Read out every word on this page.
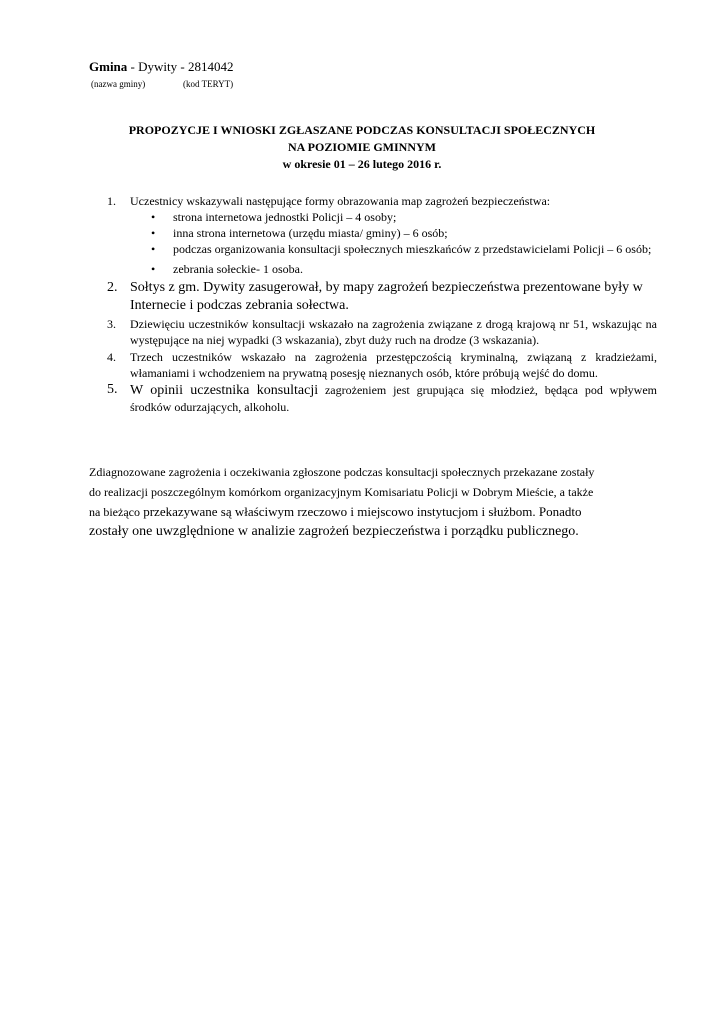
Gmina - Dywity - 2814042
(nazwa gminy)	(kod TERYT)
PROPOZYCJE I WNIOSKI ZGŁASZANE PODCZAS KONSULTACJI SPOŁECZNYCH
NA POZIOMIE GMINNYM
w okresie 01 – 26 lutego 2016 r.
1. Uczestnicy wskazywali następujące formy obrazowania map zagrożeń bezpieczeństwa:
• strona internetowa jednostki Policji – 4 osoby;
• inna strona internetowa (urzędu miasta/ gminy) – 6 osób;
• podczas organizowania konsultacji społecznych mieszkańców z przedstawicielami Policji – 6 osób;
• zebrania sołeckie- 1 osoba.
2. Sołtys z gm. Dywity zasugerował, by mapy zagrożeń bezpieczeństwa prezentowane były w Internecie i podczas zebrania sołectwa.
3. Dziewięciu uczestników konsultacji wskazało na zagrożenia związane z drogą krajową nr 51, wskazując na występujące na niej wypadki (3 wskazania), zbyt duży ruch na drodze (3 wskazania).
4. Trzech uczestników wskazało na zagrożenia przestępczością kryminalną, związaną z kradzieżami, włamaniami i wchodzeniem na prywatną posesję nieznanych osób, które próbują wejść do domu.
5. W opinii uczestnika konsultacji zagrożeniem jest grupująca się młodzież, będąca pod wpływem środków odurzających, alkoholu.
Zdiagnozowane zagrożenia i oczekiwania zgłoszone podczas konsultacji społecznych przekazane zostały
do realizacji poszczególnym komórkom organizacyjnym Komisariatu Policji w Dobrym Mieście, a także
na bieżąco przekazywane są właściwym rzeczowo i miejscowo instytucjom i służbom. Ponadto
zostały one uwzględnione w analizie zagrożeń bezpieczeństwa i porządku publicznego.
